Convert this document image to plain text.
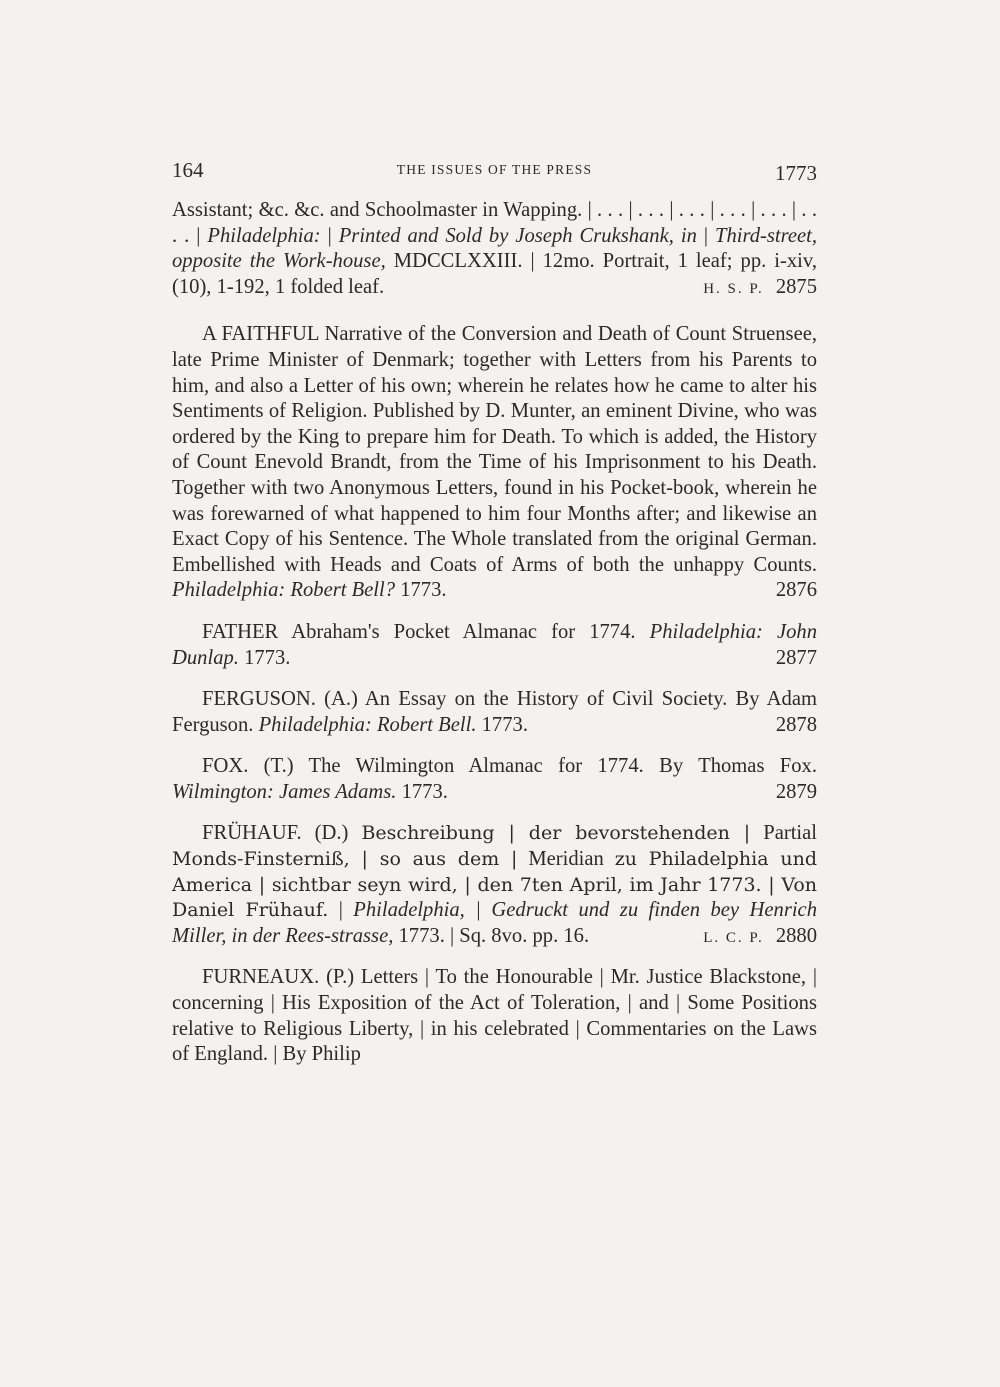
164	THE ISSUES OF THE PRESS	1773

Assistant; &c. &c. and Schoolmaster in Wapping. | . . . | . . . | . . . | . . . | . . . | . . . . | Philadelphia: | Printed and Sold by Joseph Crukshank, in | Third-street, opposite the Work-house, MDCCLXXIII. | 12mo. Portrait, 1 leaf; pp. i-xiv, (10), 1-192, 1 folded leaf.	H. S. P. 2875

A FAITHFUL Narrative of the Conversion and Death of Count Struensee, late Prime Minister of Denmark; together with Letters from his Parents to him, and also a Letter of his own; wherein he relates how he came to alter his Sentiments of Religion. Published by D. Munter, an eminent Divine, who was ordered by the King to prepare him for Death. To which is added, the History of Count Enevold Brandt, from the Time of his Imprisonment to his Death. Together with two Anonymous Letters, found in his Pocket-book, wherein he was forewarned of what happened to him four Months after; and likewise an Exact Copy of his Sentence. The Whole translated from the original German. Embellished with Heads and Coats of Arms of both the unhappy Counts. Philadelphia: Robert Bell? 1773.	2876

FATHER Abraham's Pocket Almanac for 1774. Philadelphia: John Dunlap. 1773.	2877

FERGUSON. (A.) An Essay on the History of Civil Society. By Adam Ferguson. Philadelphia: Robert Bell. 1773.	2878

FOX. (T.) The Wilmington Almanac for 1774. By Thomas Fox. Wilmington: James Adams. 1773.	2879

FRÜHAUF. (D.) Beschreibung | der bevorstehenden | Partial Monds-Finsterniß, | so aus dem | Meridian zu Philadelphia und America | sichtbar seyn wird, | den 7ten April, im Jahr 1773. | Von Daniel Frühauf. | Philadelphia, | Gedruckt und zu finden bey Henrich Miller, in der Rees-strasse, 1773. | Sq. 8vo. pp. 16.	L. C. P. 2880

FURNEAUX. (P.) Letters | To the Honourable | Mr. Justice Blackstone, | concerning | His Exposition of the Act of Toleration, | and | Some Positions relative to Religious Liberty, | in his celebrated | Commentaries on the Laws of England. | By Philip
